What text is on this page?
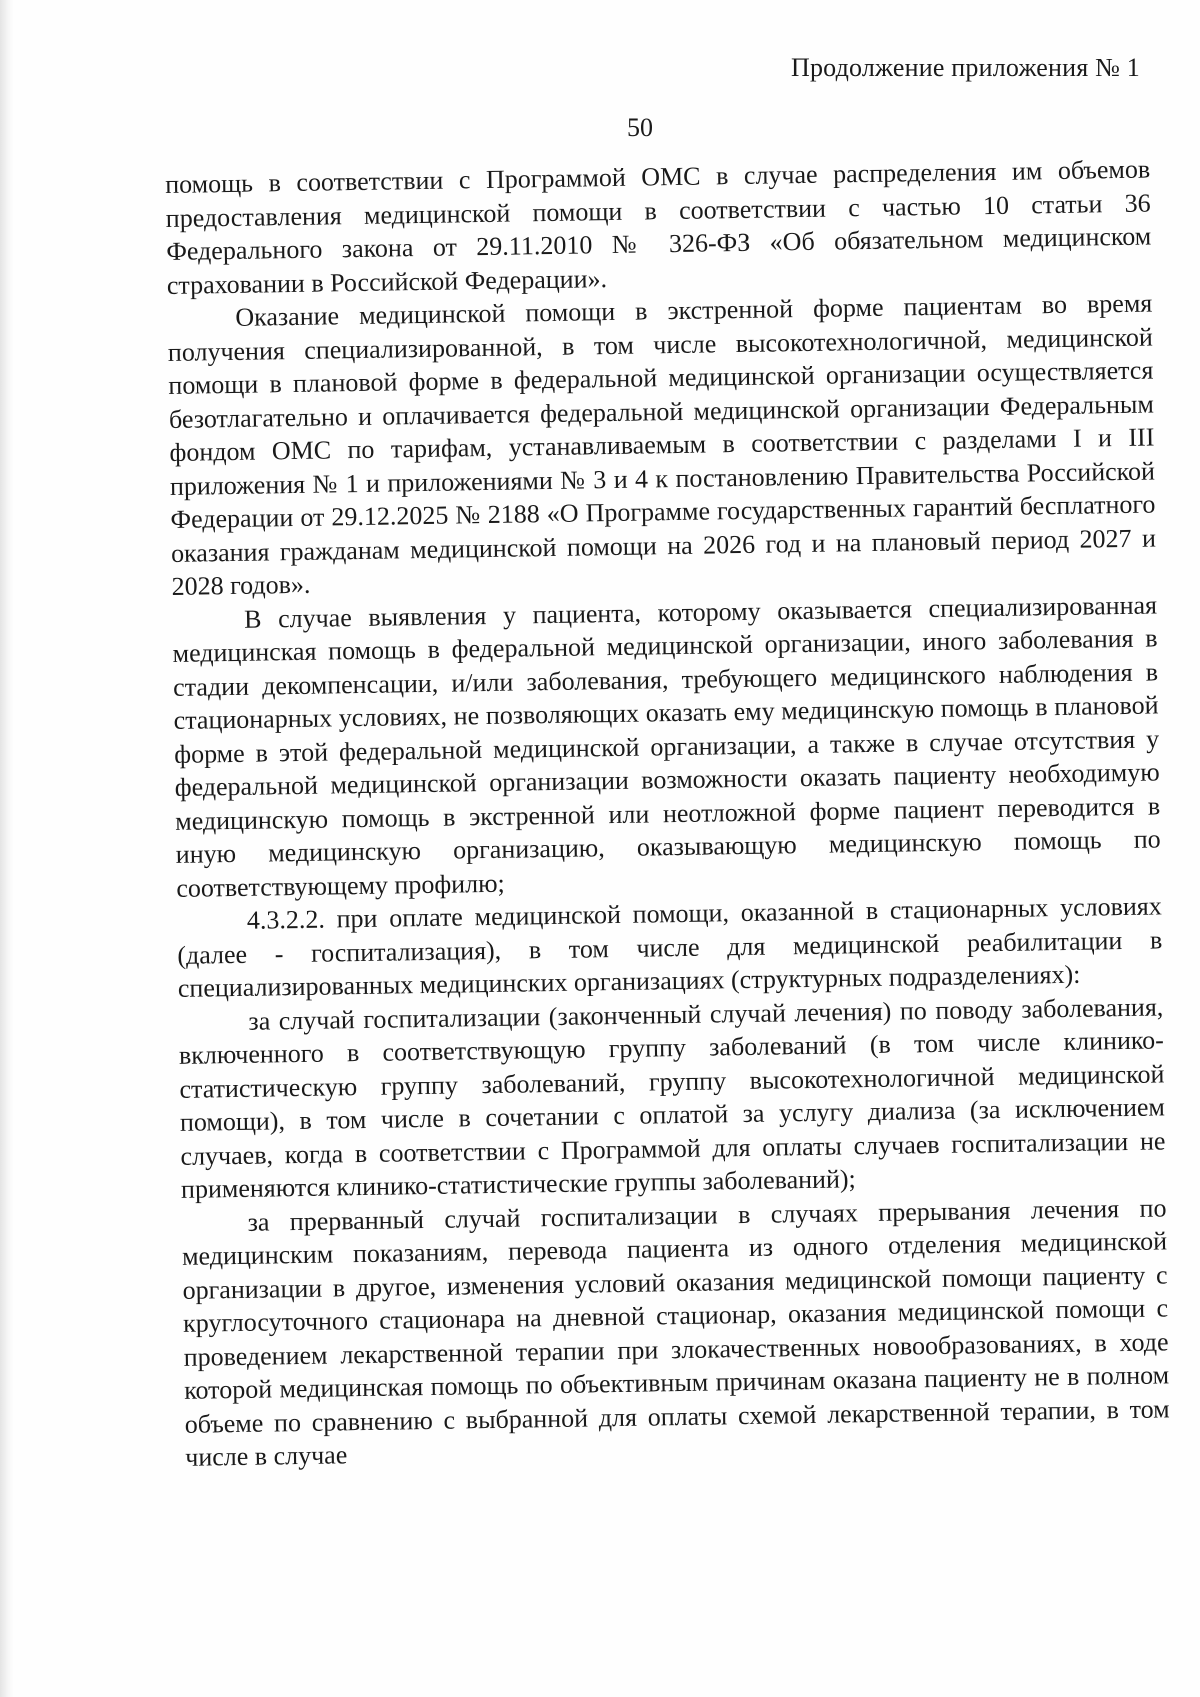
Продолжение приложения № 1
50

помощь в соответствии с Программой ОМС в случае распределения им объемов предоставления медицинской помощи в соответствии с частью 10 статьи 36 Федерального закона от 29.11.2010 № 326-ФЗ «Об обязательном медицинском страховании в Российской Федерации».

Оказание медицинской помощи в экстренной форме пациентам во время получения специализированной, в том числе высокотехнологичной, медицинской помощи в плановой форме в федеральной медицинской организации осуществляется безотлагательно и оплачивается федеральной медицинской организации Федеральным фондом ОМС по тарифам, устанавливаемым в соответствии с разделами I и III приложения № 1 и приложениями № 3 и 4 к постановлению Правительства Российской Федерации от 29.12.2025 № 2188 «О Программе государственных гарантий бесплатного оказания гражданам медицинской помощи на 2026 год и на плановый период 2027 и 2028 годов».

В случае выявления у пациента, которому оказывается специализированная медицинская помощь в федеральной медицинской организации, иного заболевания в стадии декомпенсации, и/или заболевания, требующего медицинского наблюдения в стационарных условиях, не позволяющих оказать ему медицинскую помощь в плановой форме в этой федеральной медицинской организации, а также в случае отсутствия у федеральной медицинской организации возможности оказать пациенту необходимую медицинскую помощь в экстренной или неотложной форме пациент переводится в иную медицинскую организацию, оказывающую медицинскую помощь по соответствующему профилю;

4.3.2.2. при оплате медицинской помощи, оказанной в стационарных условиях (далее - госпитализация), в том числе для медицинской реабилитации в специализированных медицинских организациях (структурных подразделениях):

за случай госпитализации (законченный случай лечения) по поводу заболевания, включенного в соответствующую группу заболеваний (в том числе клинико-статистическую группу заболеваний, группу высокотехнологичной медицинской помощи), в том числе в сочетании с оплатой за услугу диализа (за исключением случаев, когда в соответствии с Программой для оплаты случаев госпитализации не применяются клинико-статистические группы заболеваний);

за прерванный случай госпитализации в случаях прерывания лечения по медицинским показаниям, перевода пациента из одного отделения медицинской организации в другое, изменения условий оказания медицинской помощи пациенту с круглосуточного стационара на дневной стационар, оказания медицинской помощи с проведением лекарственной терапии при злокачественных новообразованиях, в ходе которой медицинская помощь по объективным причинам оказана пациенту не в полном объеме по сравнению с выбранной для оплаты схемой лекарственной терапии, в том числе в случае
